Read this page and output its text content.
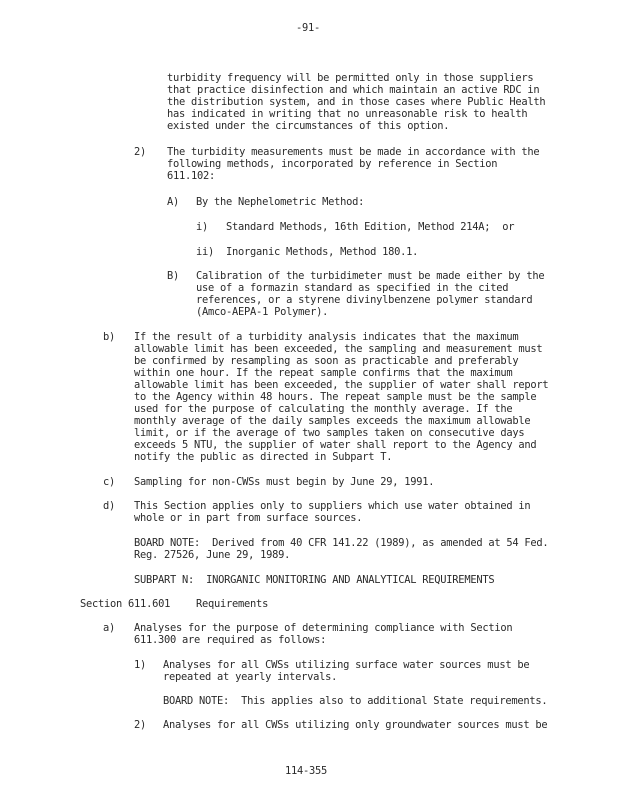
-91-
turbidity frequency will be permitted only in those suppliers
that practice disinfection and which maintain an active RDC in
the distribution system, and in those cases where Public Health
has indicated in writing that no unreasonable risk to health
existed under the circumstances of this option.
2) The turbidity measurements must be made in accordance with the
following methods, incorporated by reference in Section
611.102:
A) By the Nephelometric Method:
i) Standard Methods, 16th Edition, Method 214A;  or
ii) Inorganic Methods, Method 180.1.
B) Calibration of the turbidimeter must be made either by the
use of a formazin standard as specified in the cited
references, or a styrene divinylbenzene polymer standard
(Amco-AEPA-1 Polymer).
b) If the result of a turbidity analysis indicates that the maximum
allowable limit has been exceeded, the sampling and measurement must
be confirmed by resampling as soon as practicable and preferably
within one hour. If the repeat sample confirms that the maximum
allowable limit has been exceeded, the supplier of water shall report
to the Agency within 48 hours. The repeat sample must be the sample
used for the purpose of calculating the monthly average. If the
monthly average of the daily samples exceeds the maximum allowable
limit, or if the average of two samples taken on consecutive days
exceeds 5 NTU, the supplier of water shall report to the Agency and
notify the public as directed in Subpart T.
c) Sampling for non-CWSs must begin by June 29, 1991.
d) This Section applies only to suppliers which use water obtained in
whole or in part from surface sources.
BOARD NOTE:  Derived from 40 CFR 141.22 (1989), as amended at 54 Fed.
Reg. 27526, June 29, 1989.
SUBPART N:  INORGANIC MONITORING AND ANALYTICAL REQUIREMENTS
Section 611.601 Requirements
a) Analyses for the purpose of determining compliance with Section
611.300 are required as follows:
1) Analyses for all CWSs utilizing surface water sources must be
repeated at yearly intervals.
BOARD NOTE:  This applies also to additional State requirements.
2) Analyses for all CWSs utilizing only groundwater sources must be
114-355
